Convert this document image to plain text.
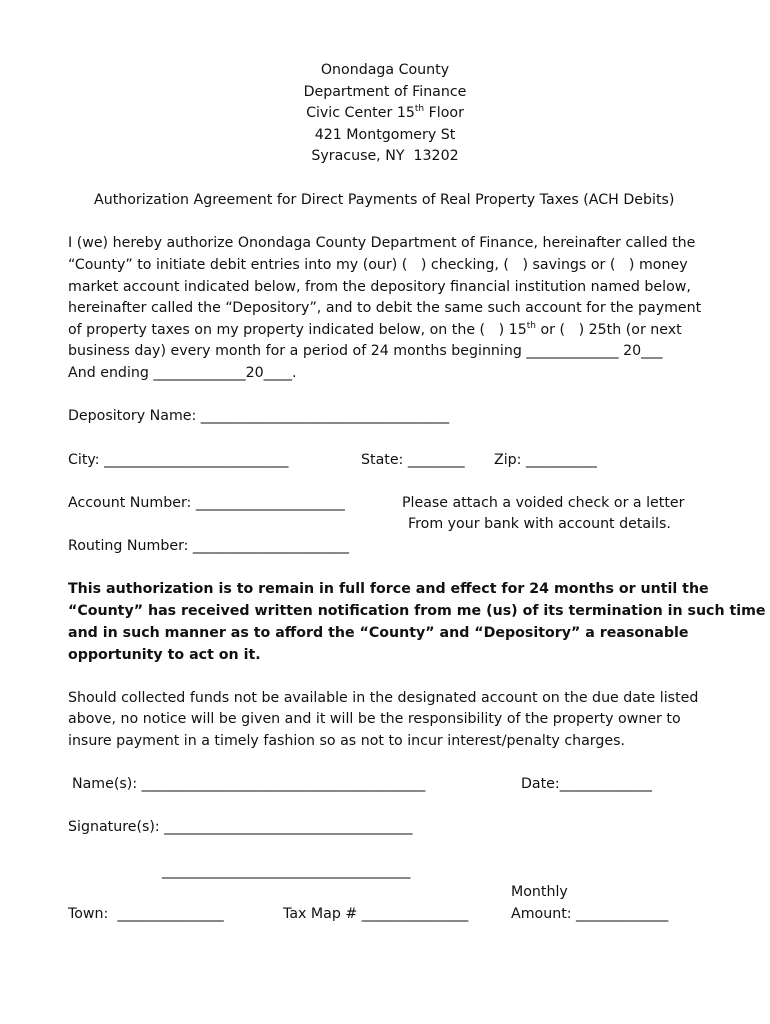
Onondaga County
Department of Finance
Civic Center 15th Floor
421 Montgomery St
Syracuse, NY  13202
Authorization Agreement for Direct Payments of Real Property Taxes (ACH Debits)
I (we) hereby authorize Onondaga County Department of Finance, hereinafter called the
“County” to initiate debit entries into my (our) (   ) checking, (   ) savings or (   ) money
market account indicated below, from the depository financial institution named below,
hereinafter called the “Depository”, and to debit the same such account for the payment
of property taxes on my property indicated below, on the (   ) 15th or (   ) 25th (or next
business day) every month for a period of 24 months beginning _____________ 20___
And ending _____________20____.
Depository Name: ___________________________________
City: __________________________	State: ________ Zip: __________
Account Number: _____________________	Please attach a voided check or a letter
From your bank with account details.
Routing Number: ______________________
This authorization is to remain in full force and effect for 24 months or until the
“County” has received written notification from me (us) of its termination in such time
and in such manner as to afford the “County” and “Depository” a reasonable
opportunity to act on it.
Should collected funds not be available in the designated account on the due date listed
above, no notice will be given and it will be the responsibility of the property owner to
insure payment in a timely fashion so as not to incur interest/penalty charges.
Name(s): ________________________________________	Date:_____________
Signature(s): ___________________________________
___________________________________
Monthly
Town:  _______________	Tax Map # _______________	Amount: _____________
